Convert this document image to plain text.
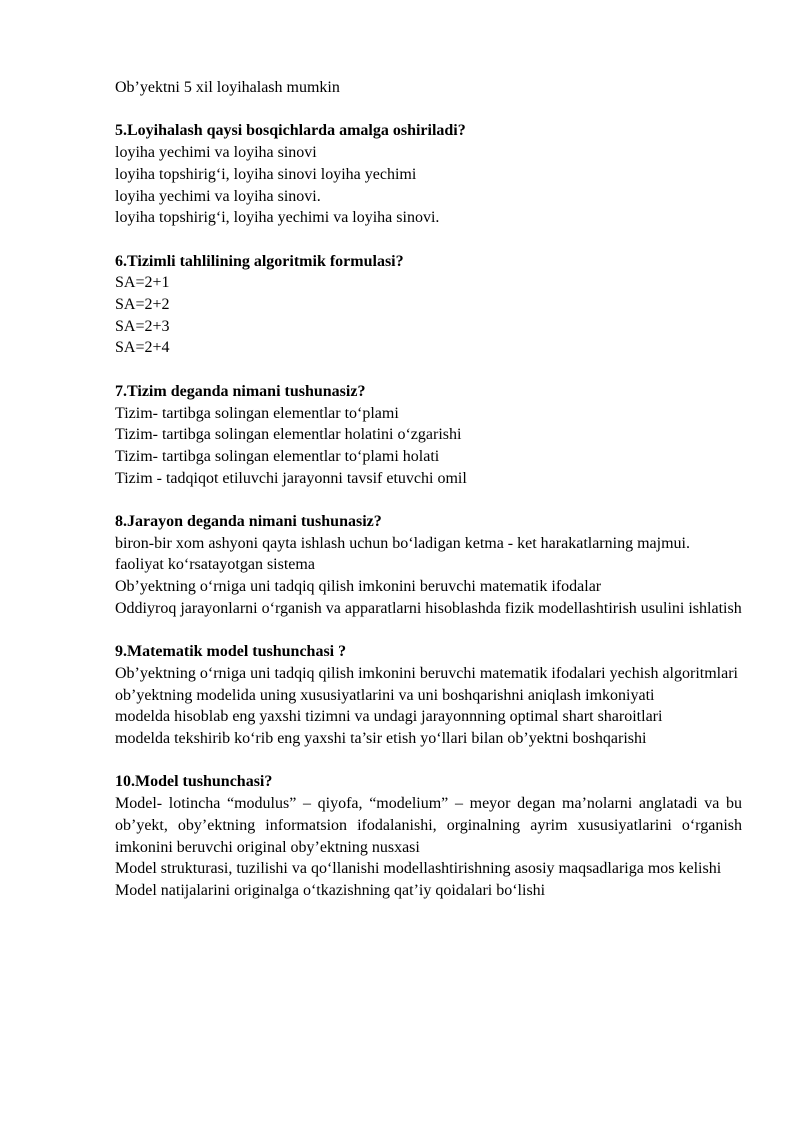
Ob’yektni 5 xil loyihalash mumkin
5.Loyihalash qaysi bosqichlarda amalga oshiriladi?
loyiha yechimi va loyiha sinovi
loyiha topshirig‘i, loyiha sinovi loyiha yechimi
loyiha yechimi va loyiha sinovi.
loyiha topshirig‘i, loyiha yechimi va loyiha sinovi.
6.Tizimli tahlilining algoritmik formulasi?
SA=2+1
SA=2+2
SA=2+3
SA=2+4
7.Tizim deganda nimani tushunasiz?
Tizim- tartibga solingan elementlar to‘plami
Tizim- tartibga solingan elementlar holatini o‘zgarishi
Tizim- tartibga solingan elementlar to‘plami holati
Tizim - tadqiqot etiluvchi jarayonni tavsif etuvchi omil
8.Jarayon deganda nimani tushunasiz?
biron-bir xom ashyoni qayta ishlash uchun bo‘ladigan ketma - ket harakatlarning majmui.
faoliyat ko‘rsatayotgan sistema
Ob’yektning o‘rniga uni tadqiq qilish imkonini beruvchi matematik ifodalar
Oddiyroq jarayonlarni o‘rganish va apparatlarni hisoblashda fizik modellashtirish usulini ishlatish
9.Matematik model tushunchasi ?
Ob’yektning o‘rniga uni tadqiq qilish imkonini beruvchi matematik ifodalari yechish algoritmlari
ob’yektning modelida uning xususiyatlarini va uni boshqarishni aniqlash imkoniyati
modelda hisoblab eng yaxshi tizimni va undagi jarayonnning optimal shart sharoitlari
modelda tekshirib ko‘rib eng yaxshi ta’sir etish yo‘llari bilan ob’yektni boshqarishi
10.Model tushunchasi?
Model- lotincha “modulus” – qiyofa, “modelium” – meyor degan ma’nolarni anglatadi va bu ob’yekt, oby’ektning informatsion ifodalanishi, orginalning ayrim xususiyatlarini o‘rganish imkonini beruvchi original oby’ektning nusxasi
Model strukturasi, tuzilishi va qo‘llanishi modellashtirishning asosiy maqsadlariga mos kelishi
Model natijalarini originalga o‘tkazishning qat’iy qoidalari bo‘lishi
